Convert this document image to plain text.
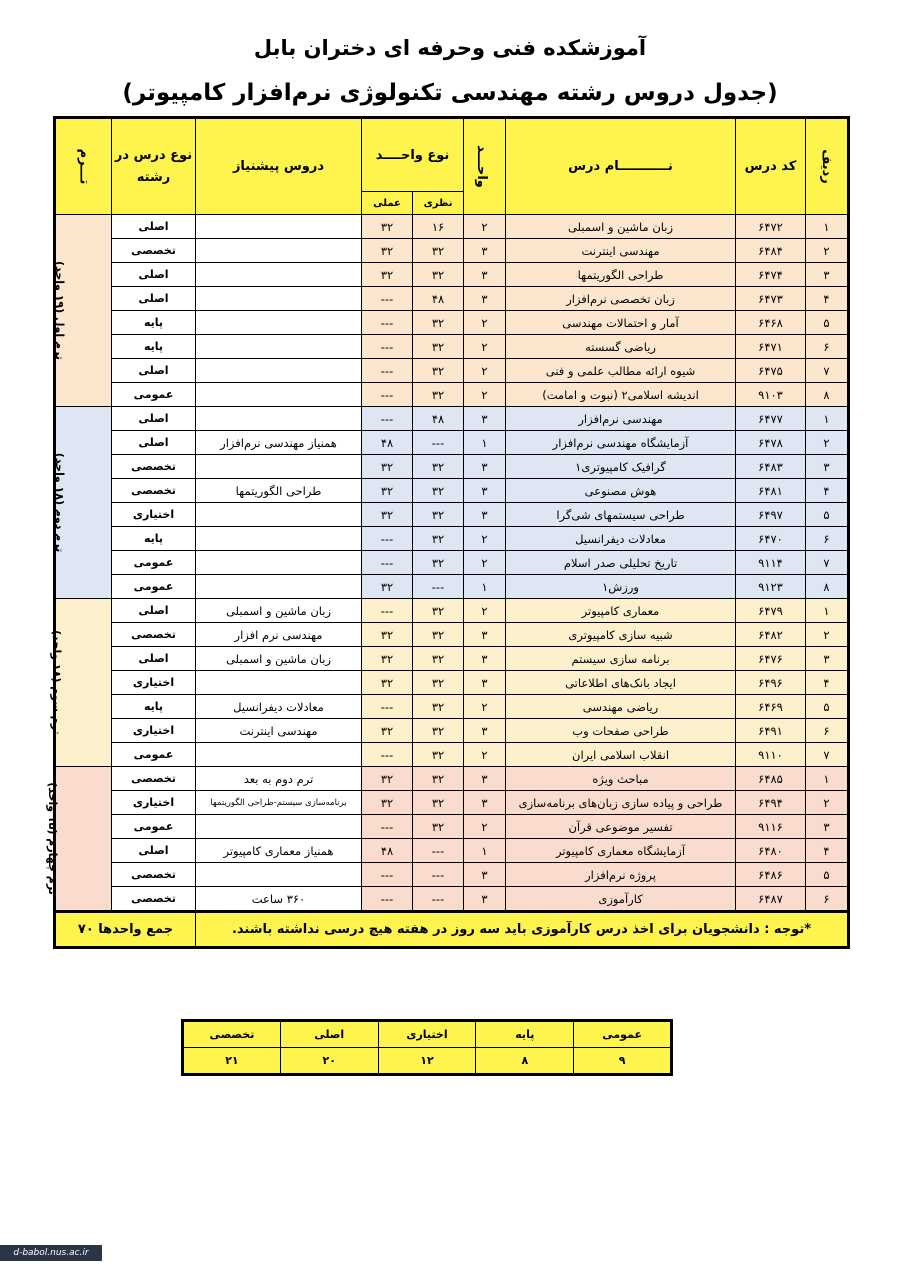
آموزشکده فنی وحرفه ای دختران بابل
(جدول دروس رشته مهندسی تکنولوژی نرم‌افزار کامپیوتر)
ردیف	کد درس	نـــــــــــام درس	واحـــد	نوع واحــــد		دروس پیشنیاز	نوع درس در رشته	تـــرم
				نظری	عملی			
۱	۶۴۷۲	زبان ماشین و اسمبلی	۲	۱۶	۳۲		اصلی	ترم اول (۱۹ واحد)
۲	۶۴۸۴	مهندسی اینترنت	۳	۳۲	۳۲		تخصصی	
۳	۶۴۷۴	طراحی الگوریتمها	۳	۳۲	۳۲		اصلی	
۴	۶۴۷۳	زبان تخصصی نرم‌افزار	۳	۴۸	---		اصلی	
۵	۶۴۶۸	آمار و احتمالات مهندسی	۲	۳۲	---		پایه	
۶	۶۴۷۱	ریاضی گسسته	۲	۳۲	---		پایه	
۷	۶۴۷۵	شیوه ارائه مطالب علمی و فنی	۲	۳۲	---		اصلی	
۸	۹۱۰۳	اندیشه اسلامی۲ (نبوت و امامت)	۲	۳۲	---		عمومی	
۱	۶۴۷۷	مهندسی نرم‌افزار	۳	۴۸	---		اصلی	ترم دوم (۱۸ واحد)
۲	۶۴۷۸	آزمایشگاه مهندسی نرم‌افزار	۱	---	۴۸	همنیاز مهندسی نرم‌افزار	اصلی	
۳	۶۴۸۳	گرافیک کامپیوتری۱	۳	۳۲	۳۲		تخصصی	
۴	۶۴۸۱	هوش مصنوعی	۳	۳۲	۳۲	طراحی الگوریتمها	تخصصی	
۵	۶۴۹۷	طراحی سیستمهای شی‌گرا	۳	۳۲	۳۲		اختیاری	
۶	۶۴۷۰	معادلات دیفرانسیل	۲	۳۲	---		پایه	
۷	۹۱۱۴	تاریخ تحلیلی صدر اسلام	۲	۳۲	---		عمومی	
۸	۹۱۲۳	ورزش۱	۱	---	۳۲		عمومی	
۱	۶۴۷۹	معماری کامپیوتر	۲	۳۲	---	زبان ماشین و اسمبلی	اصلی	ترم سوم (۱۸ واحد)
۲	۶۴۸۲	شبیه سازی کامپیوتری	۳	۳۲	۳۲	مهندسی نرم افزار	تخصصی	
۳	۶۴۷۶	برنامه سازی سیستم	۳	۳۲	۳۲	زبان ماشین و اسمبلی	اصلی	
۴	۶۴۹۶	ایجاد بانک‌های اطلاعاتی	۳	۳۲	۳۲		اختیاری	
۵	۶۴۶۹	ریاضی مهندسی	۲	۳۲	---	معادلات دیفرانسیل	پایه	
۶	۶۴۹۱	طراحی صفحات وب	۳	۳۲	۳۲	مهندسی اینترنت	اختیاری	
۷	۹۱۱۰	انقلاب اسلامی ایران	۲	۳۲	---		عمومی	
۱	۶۴۸۵	مباحث ویژه	۳	۳۲	۳۲	ترم دوم به بعد	تخصصی	ترم چهارم (۱۵ واحد)
۲	۶۴۹۴	طراحی و پیاده سازی زبان‌های برنامه‌سازی	۳	۳۲	۳۲	برنامه‌سازی سیستم-طراحی الگوریتمها	اختیاری	
۳	۹۱۱۶	تفسیر موضوعی قرآن	۲	۳۲	---		عمومی	
۴	۶۴۸۰	آزمایشگاه معماری کامپیوتر	۱	---	۴۸	همنیاز معماری کامپیوتر	اصلی	
۵	۶۴۸۶	پروژه نرم‌افزار	۳	---	---		تخصصی	
۶	۶۴۸۷	کارآموزی	۳	---	---	۳۶۰ ساعت	تخصصی	
*توجه : دانشجویان برای اخذ درس کارآموزی باید سه روز در هفته هیچ درسی نداشته باشند.							جمع واحدها ۷۰	
عمومی	پایه	اختیاری	اصلی	تخصصی
۹	۸	۱۲	۲۰	۲۱
d-babol.nus.ac.ir
